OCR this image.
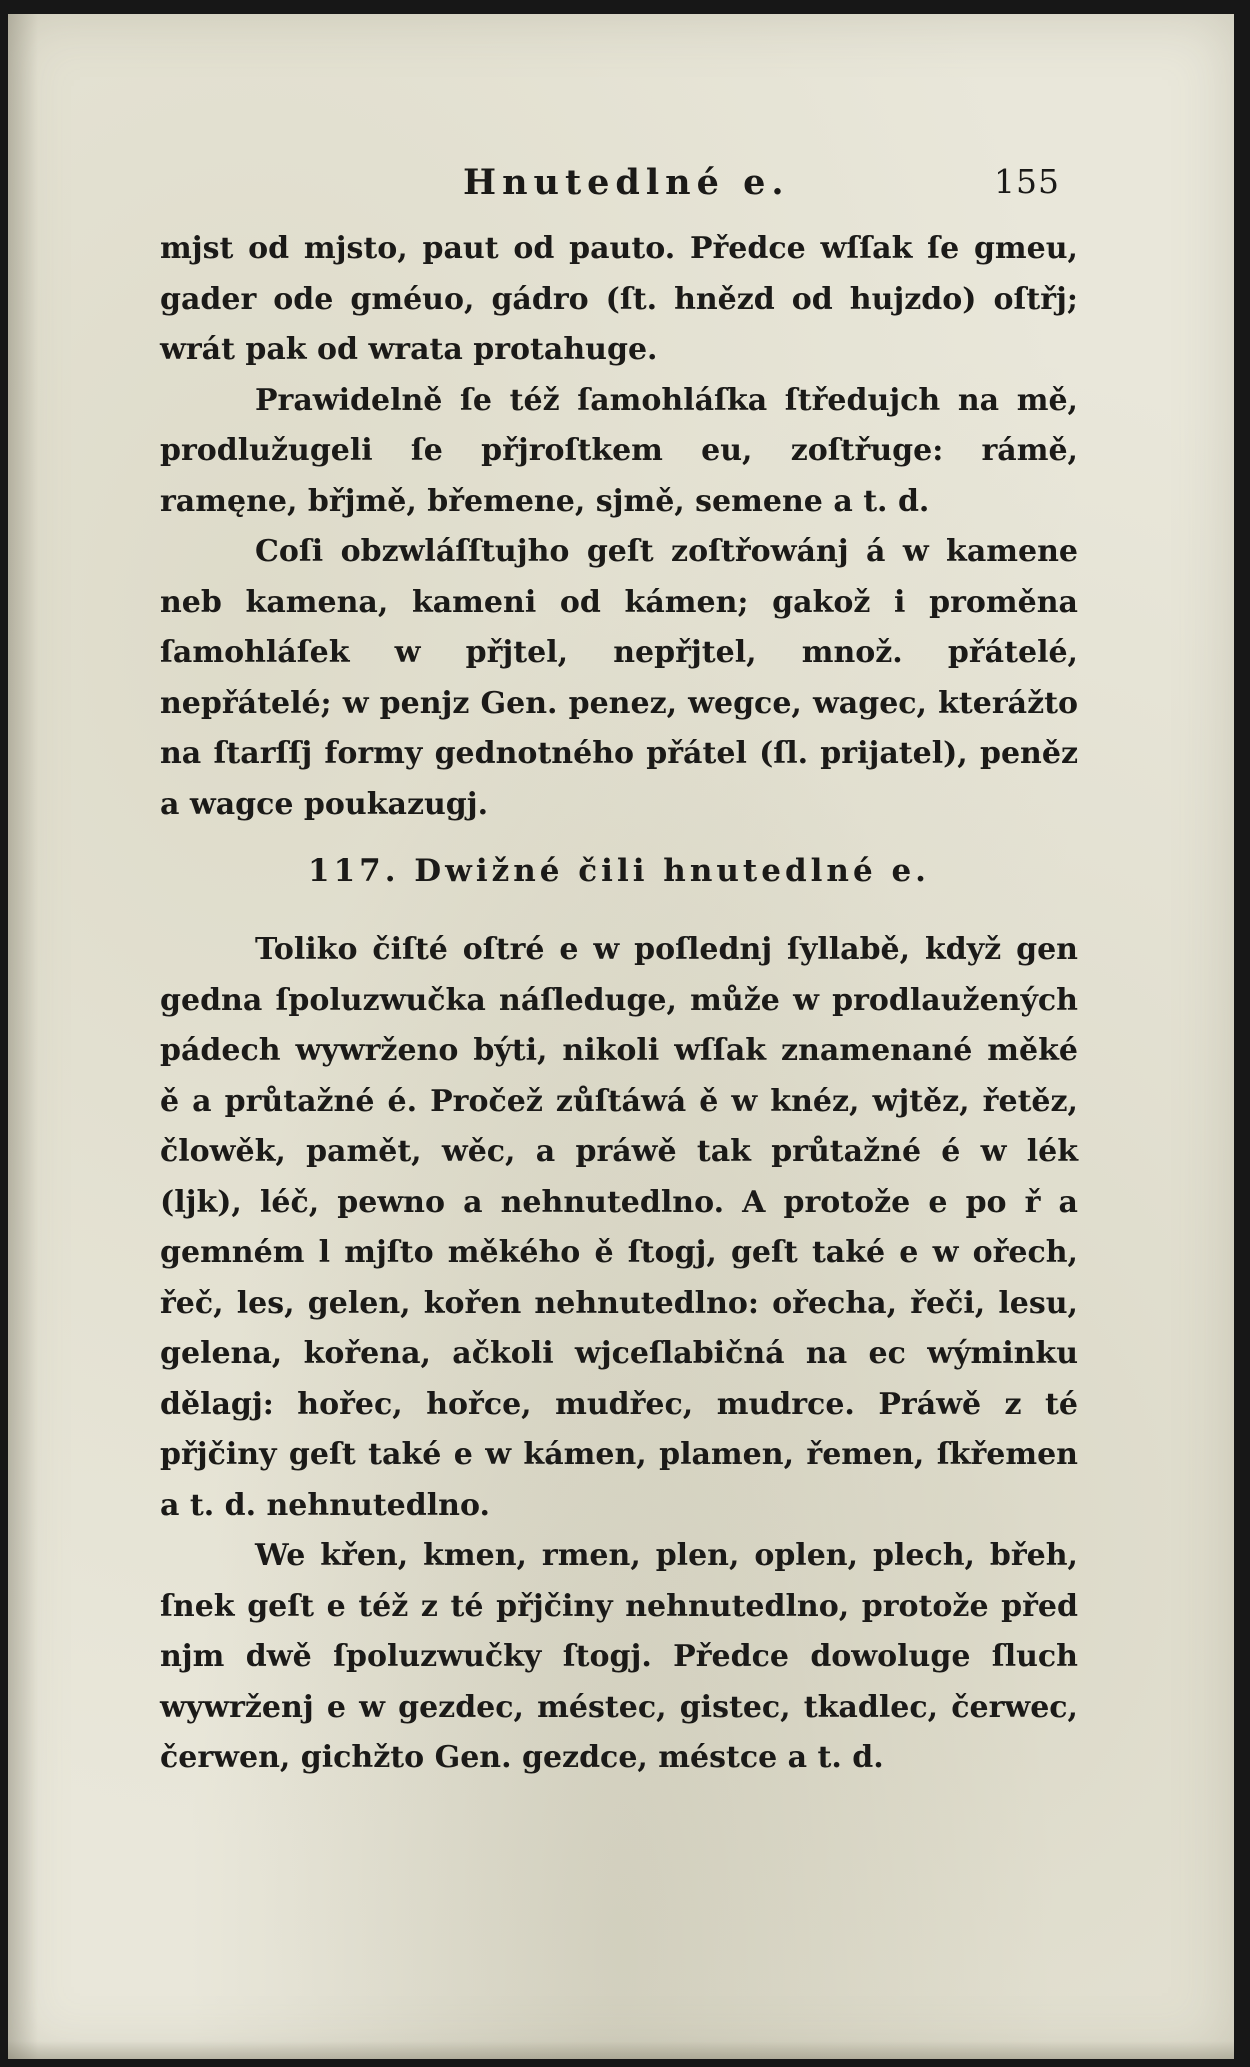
Hnutedlné e.	155

mjst od mjsto, paut od pauto. Předce wſſak ſe gmeu, gader ode gméuo, gádro (ſt. hnězd od hujzdo) oſtřj; wrát pak od wrata protahuge.

Prawidelně ſe též ſamohláſka ſtředujch na mě, prodlužugeli ſe přjroſtkem eu, zoſtřuge: rámě, ramęne, břjmě, břemene, sjmě, semene a t. d.

Coſi obzwláſſtujho geſt zoſtřowánj á w kamene neb kamena, kameni od kámen; gakož i proměna ſamohláſek w přjtel, nepřjtel, množ. přátelé, nepřátelé; w penjz Gen. penez, wegce, wagec, kterážto na ſtarſſj formy gednotného přátel (ſl. prijatel), peněz a wagce poukazugj.

117. Dwižné čili hnutedlné e.

Toliko čiſté oſtré e w poſlednj ſyllabě, když gen gedna ſpoluzwučka náſleduge, může w prodlaužených pádech wywrženo býti, nikoli wſſak znamenané měké ě a průtažné é. Pročež zůſtáwá ě w knéz, wjtěz, řetěz, člowěk, pamět, wěc, a práwě tak průtažné é w lék (ljk), léč, pewno a nehnutedlno. A protože e po ř a gemném l mjſto měkého ě ſtogj, geſt také e w ořech, řeč, les, gelen, kořen nehnutedlno: ořecha, řeči, lesu, gelena, kořena, ačkoli wjceſlabičná na ec wýminku dělagj: hořec, hořce, mudřec, mudrce. Práwě z té přjčiny geſt také e w kámen, plamen, řemen, ſkřemen a t. d. nehnutedlno.

We křen, kmen, rmen, plen, oplen, plech, břeh, ſnek geſt e též z té přjčiny nehnutedlno, protože před njm dwě ſpoluzwučky ſtogj. Předce dowoluge ſluch wywrženj e w gezdec, méstec, gistec, tkadlec, čerwec, čerwen, gichžto Gen. gezdce, méstce a t. d.
